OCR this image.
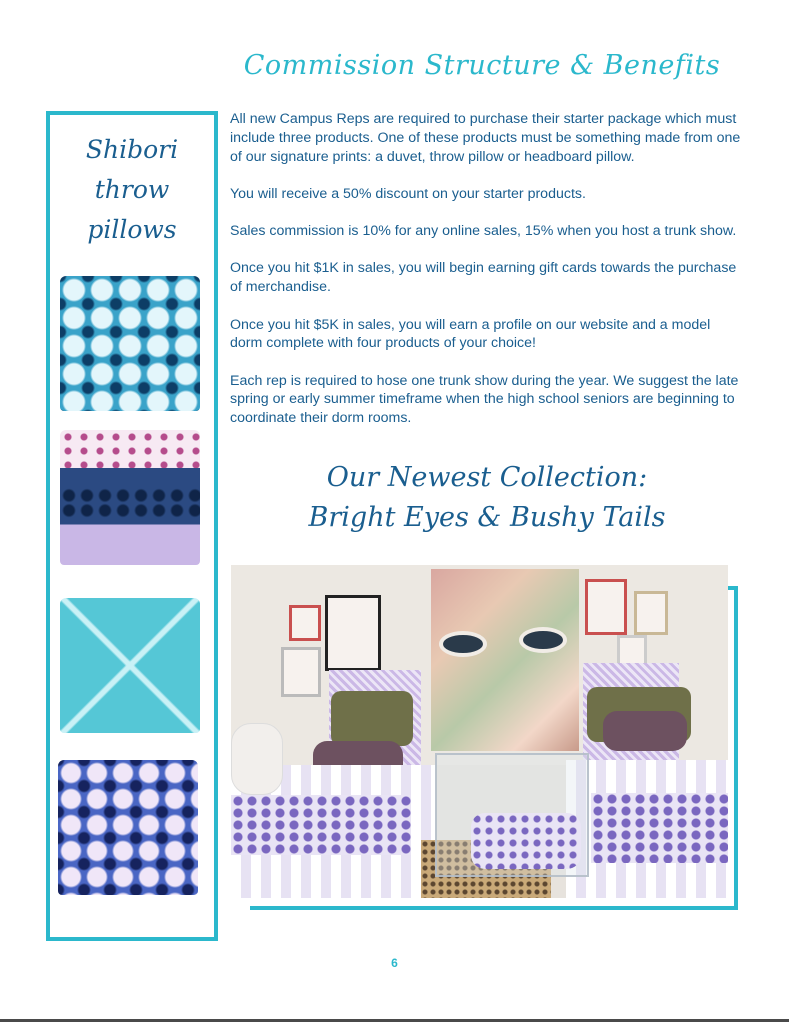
Commission Structure & Benefits
Shibori
throw
pillows

All new Campus Reps are required to purchase their starter package which must include three products. One of these products must be something made from one of our signature prints: a duvet, throw pillow or headboard pillow.

You will receive a 50% discount on your starter products.

Sales commission is 10% for any online sales, 15% when you host a trunk show.

Once you hit $1K in sales, you will begin earning gift cards towards the purchase of merchandise.

Once you hit $5K in sales, you will earn a profile on our website and a model dorm complete with four products of your choice!

Each rep is required to hose one trunk show during the year. We suggest the late spring or early summer timeframe when the high school seniors are beginning to coordinate their dorm rooms.

Our Newest Collection:
Bright Eyes & Bushy Tails
6
